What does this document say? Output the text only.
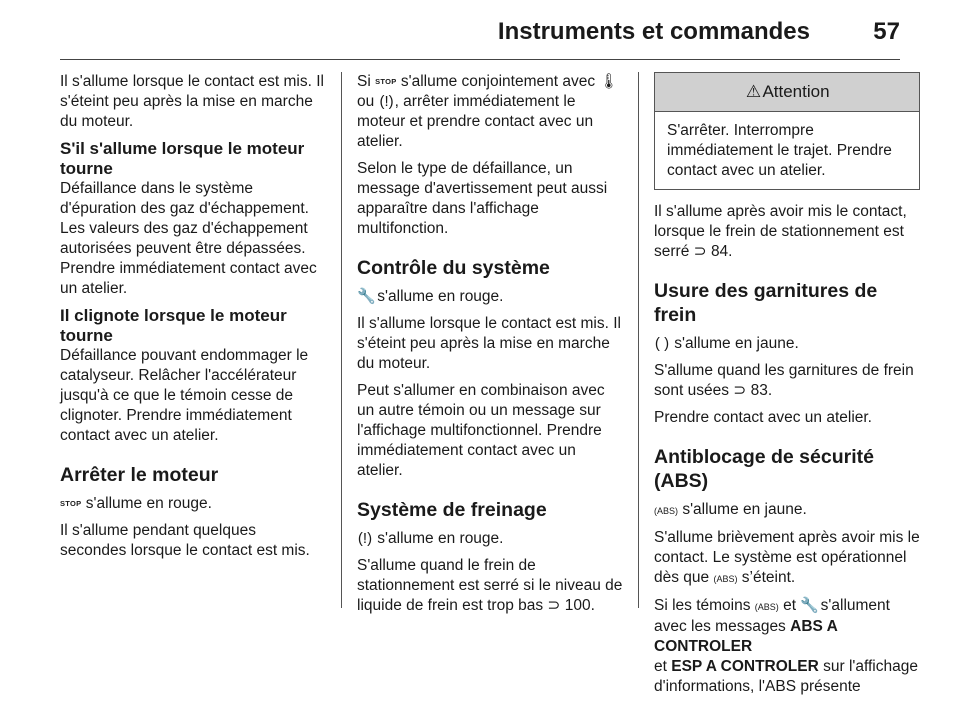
Instruments et commandes	57

Il s'allume lorsque le contact est mis. Il s'éteint peu après la mise en marche du moteur.

S'il s'allume lorsque le moteur tourne

Défaillance dans le système d'épuration des gaz d'échappement. Les valeurs des gaz d'échappement autorisées peuvent être dépassées. Prendre immédiatement contact avec un atelier.

Il clignote lorsque le moteur tourne

Défaillance pouvant endommager le catalyseur. Relâcher l'accélérateur jusqu'à ce que le témoin cesse de clignoter. Prendre immédiatement contact avec un atelier.

Arrêter le moteur

STOP s'allume en rouge.

Il s'allume pendant quelques secondes lorsque le contact est mis.

Si STOP s'allume conjointement avec 🌡 ou (!), arrêter immédiatement le moteur et prendre contact avec un atelier.

Selon le type de défaillance, un message d'avertissement peut aussi apparaître dans l'affichage multifonction.

Contrôle du système

🔧 s'allume en rouge.

Il s'allume lorsque le contact est mis. Il s'éteint peu après la mise en marche du moteur.

Peut s'allumer en combinaison avec un autre témoin ou un message sur l'affichage multifonctionnel. Prendre immédiatement contact avec un atelier.

Système de freinage

(!) s'allume en rouge.

S'allume quand le frein de stationnement est serré si le niveau de liquide de frein est trop bas ⊃ 100.

⚠Attention
S'arrêter. Interrompre immédiatement le trajet. Prendre contact avec un atelier.

Il s'allume après avoir mis le contact, lorsque le frein de stationnement est serré ⊃ 84.

Usure des garnitures de frein

( ) s'allume en jaune.

S'allume quand les garnitures de frein sont usées ⊃ 83.

Prendre contact avec un atelier.

Antiblocage de sécurité (ABS)

(ABS) s'allume en jaune.

S'allume brièvement après avoir mis le contact. Le système est opérationnel dès que (ABS) s’éteint.

Si les témoins (ABS) et 🔧 s'allument avec les messages ABS A CONTROLER
et ESP A CONTROLER sur l'affichage d'informations, l'ABS présente
